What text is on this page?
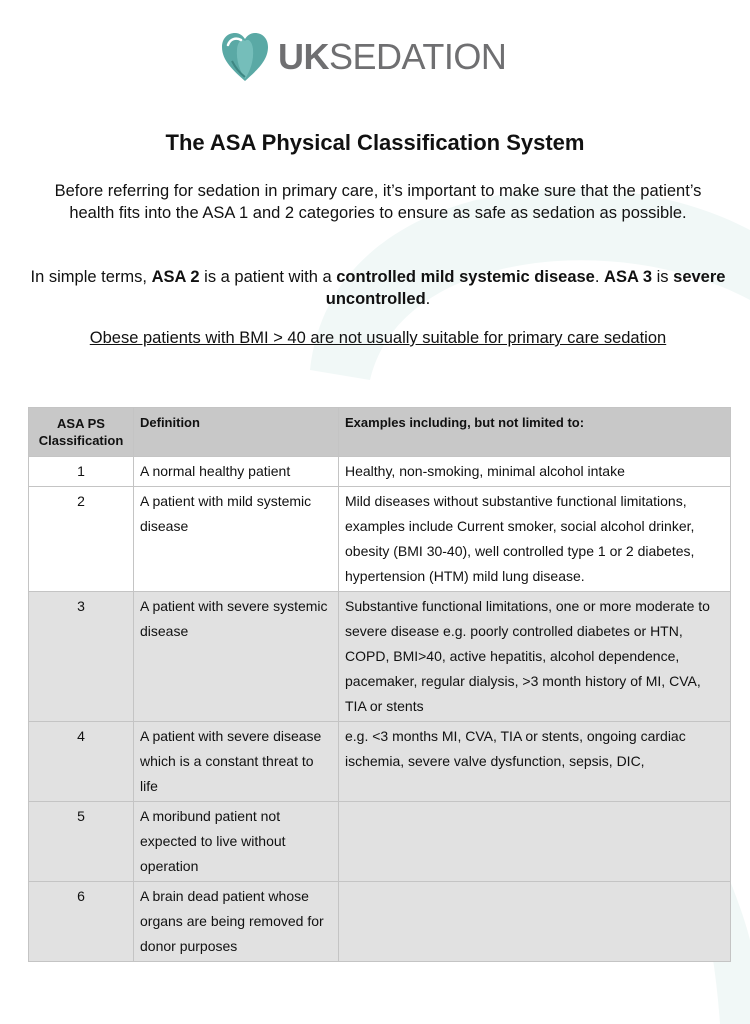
UKSEDATION
The ASA Physical Classification System
Before referring for sedation in primary care, it’s important to make sure that the patient’s health fits into the ASA 1 and 2 categories to ensure as safe as sedation as possible.
In simple terms, ASA 2 is a patient with a controlled mild systemic disease. ASA 3 is severe uncontrolled.
Obese patients with BMI > 40 are not usually suitable for primary care sedation
ASA PS Classification	Definition	Examples including, but not limited to:
1	A normal healthy patient	Healthy, non-smoking, minimal alcohol intake
2	A patient with mild systemic disease	Mild diseases without substantive functional limitations, examples include Current smoker, social alcohol drinker, obesity (BMI 30-40), well controlled type 1 or 2 diabetes, hypertension (HTM) mild lung disease.
3	A patient with severe systemic disease	Substantive functional limitations, one or more moderate to severe disease e.g. poorly controlled diabetes or HTN, COPD, BMI>40, active hepatitis, alcohol dependence, pacemaker, regular dialysis, >3 month history of MI, CVA, TIA or stents
4	A patient with severe disease which is a constant threat to life	e.g. <3 months MI, CVA, TIA or stents, ongoing cardiac ischemia, severe valve dysfunction, sepsis, DIC,
5	A moribund patient not expected to live without operation	
6	A brain dead patient whose organs are being removed for donor purposes	
